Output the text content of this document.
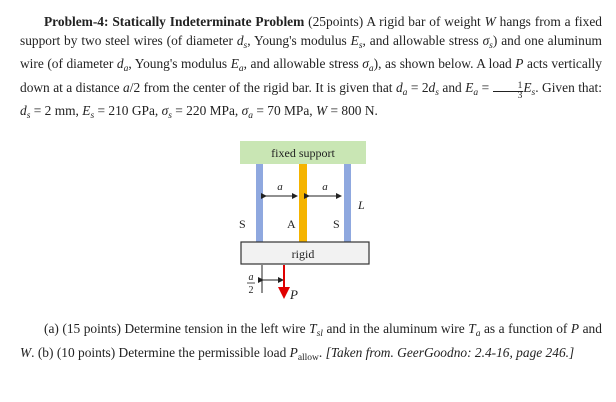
Problem-4: Statically Indeterminate Problem (25points) A rigid bar of weight W hangs from a fixed support by two steel wires (of diameter $d_s$, Young's modulus $E_s$, and allowable stress $\sigma_s$) and one aluminum wire (of diameter $d_a$, Young's modulus $E_a$, and allowable stress $\sigma_a$), as shown below. A load P acts vertically down at a distance a/2 from the center of the rigid bar. It is given that $d_a = 2d_s$ and $E_a = \frac{1}{3} E_s$. Given that: $d_s = 2$ mm, $E_s = 210$ GPa, $\sigma_s = 220$ MPa, $\sigma_a = 70$ MPa, W = 800 N.
fixed support
a	a
L
S	A	S
rigid
a
2	P
(a) (15 points) Determine tension in the left wire $T_{sl}$ and in the aluminum wire $T_a$ as a function of P and W. (b) (10 points) Determine the permissible load $P_{allow}$. [Taken from. GeerGoodno: 2.4-16, page 246.]
